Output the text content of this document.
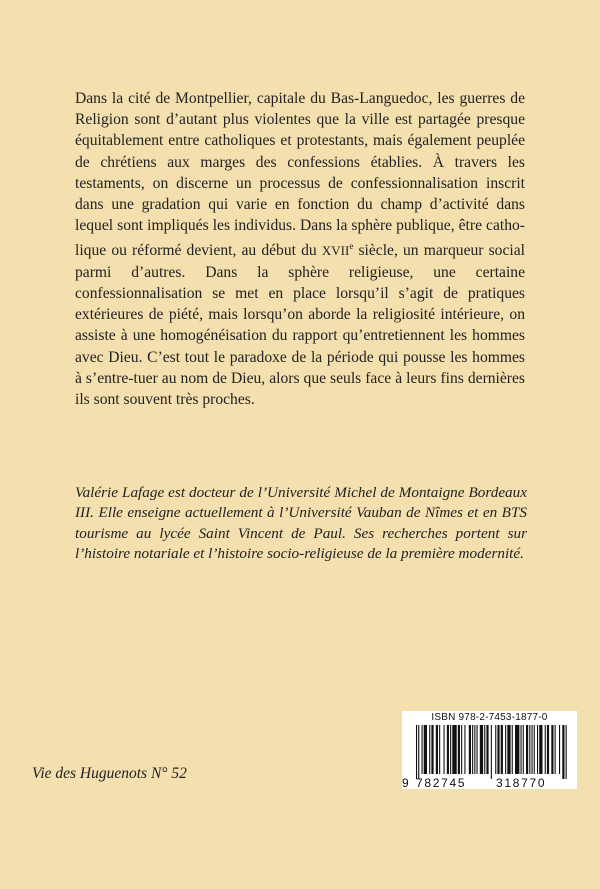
Dans la cité de Montpellier, capitale du Bas-Languedoc, les guerres de Religion sont d’autant plus violentes que la ville est partagée presque équitablement entre catholiques et protestants, mais également peuplée de chrétiens aux marges des confessions établies. À travers les testaments, on discerne un processus de confessionnalisation inscrit dans une gradation qui varie en fonction du champ d’activité dans lequel sont impliqués les individus. Dans la sphère publique, être catholique ou réformé devient, au début du XVIIe siècle, un marqueur social parmi d’autres. Dans la sphère religieuse, une certaine confessionnalisation se met en place lorsqu’il s’agit de pratiques extérieures de piété, mais lorsqu’on aborde la religiosité intérieure, on assiste à une homogénéisation du rapport qu’entretiennent les hommes avec Dieu. C’est tout le paradoxe de la période qui pousse les hommes à s’entre-tuer au nom de Dieu, alors que seuls face à leurs fins dernières ils sont souvent très proches.

Valérie Lafage est docteur de l’Université Michel de Montaigne Bordeaux III. Elle enseigne actuellement à l’Université Vauban de Nîmes et en BTS tourisme au lycée Saint Vincent de Paul. Ses recherches portent sur l’histoire notariale et l’histoire socio-religieuse de la première modernité.

Vie des Huguenots N° 52
ISBN 978-2-7453-1877-0
9 782745 318770
